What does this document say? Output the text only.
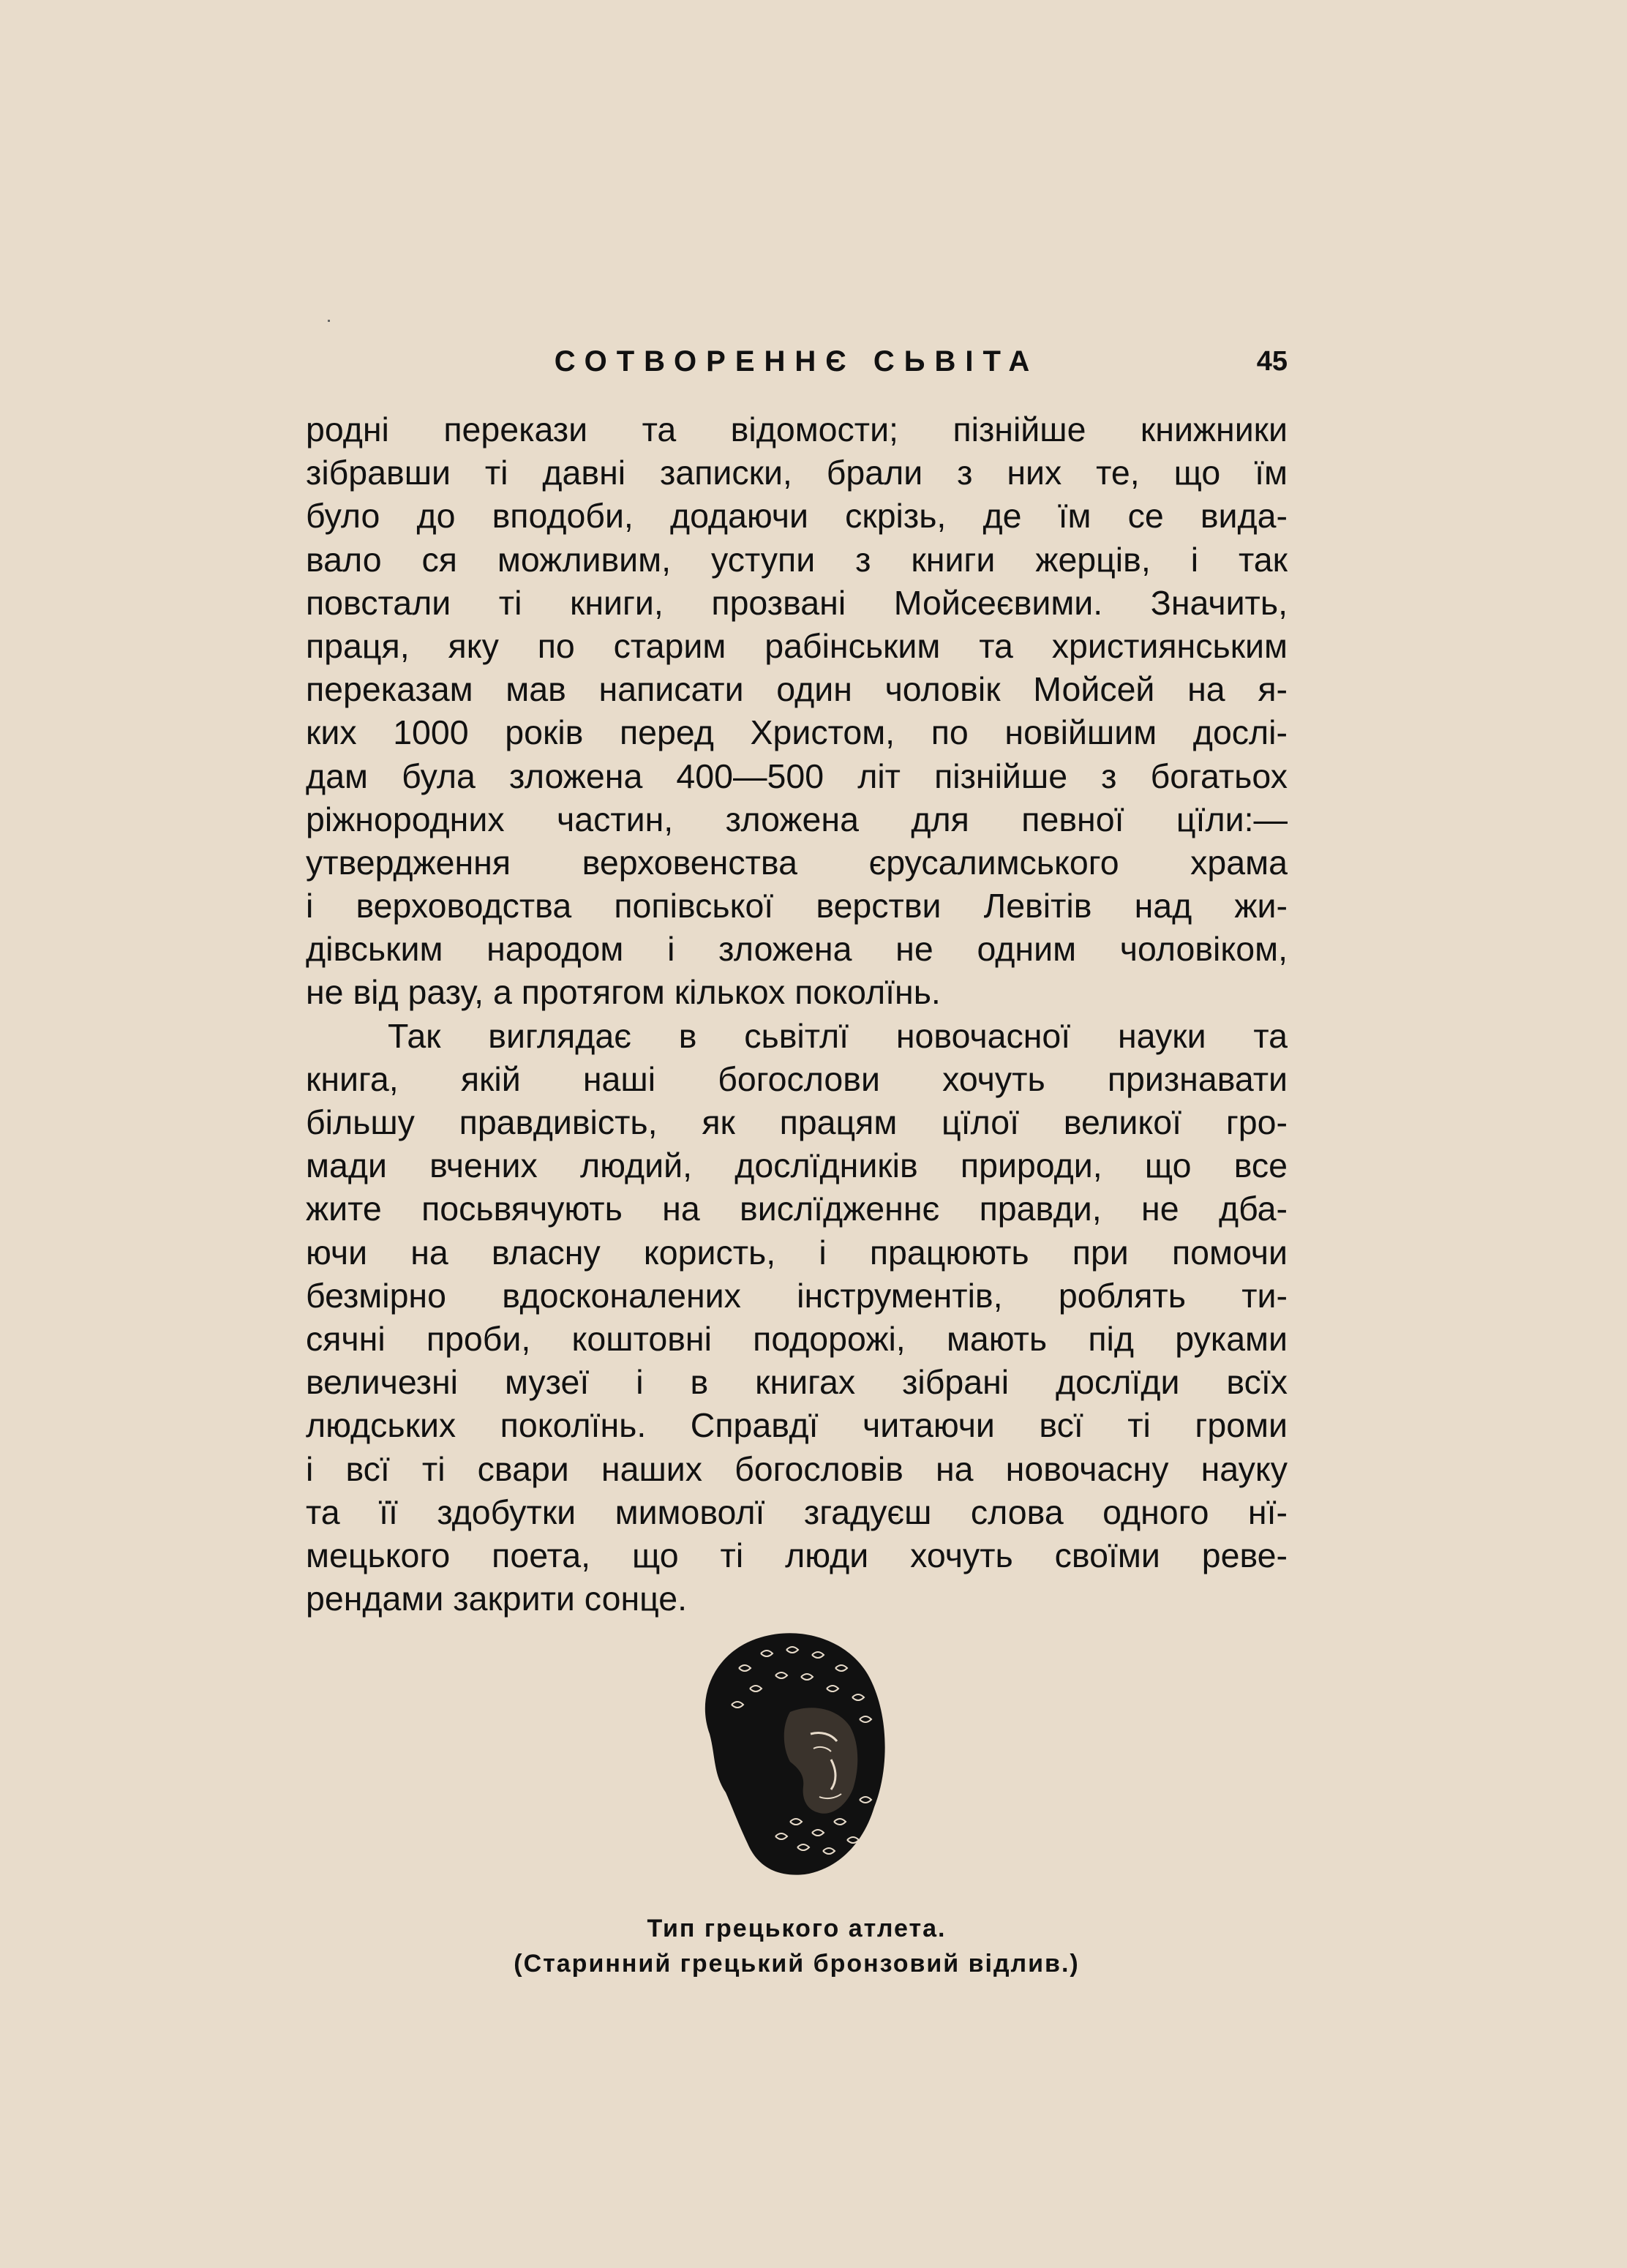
СОТВОРЕННЄ СЬВІТА	45
родні перекази та відомости; пізнійше книжники
зібравши ті давні записки, брали з них те, що їм
було до вподоби, додаючи скрізь, де їм се вида-
вало ся можливим, уступи з книги жерців, і так
повстали ті книги, прозвані Мойсеєвими. Значить,
праця, яку по старим рабінським та християнським
переказам мав написати один чоловік Мойсей на я-
ких 1000 років перед Христом, по новійшим дослі-
дам була зложена 400—500 літ пізнійше з богатьох
ріжнородних частин, зложена для певної цїли:—
утвердження верховенства єрусалимського храма
і верховодства попівської верстви Левітів над жи-
дівським народом і зложена не одним чоловіком,
не від разу, а протягом кількох поколїнь.
Так виглядає в сьвітлї новочасної науки та
книга, якій наші богослови хочуть признавати
більшу правдивість, як працям цїлої великої гро-
мади вчених людий, дослїдників природи, що все
жите посьвячують на вислїдженнє правди, не дба-
ючи на власну користь, і працюють при помочи
безмірно вдосконалених інструментів, роблять ти-
сячні проби, коштовні подорожі, мають під руками
величезні музеї і в книгах зібрані дослїди всїх
людських поколїнь. Справдї читаючи всї ті громи
і всї ті свари наших богословів на новочасну науку
та її здобутки мимоволї згадуєш слова одного нї-
мецького поета, що ті люди хочуть своїми реве-
рендами закрити сонце.
Тип грецького атлета.
(Старинний грецький бронзовий відлив.)
